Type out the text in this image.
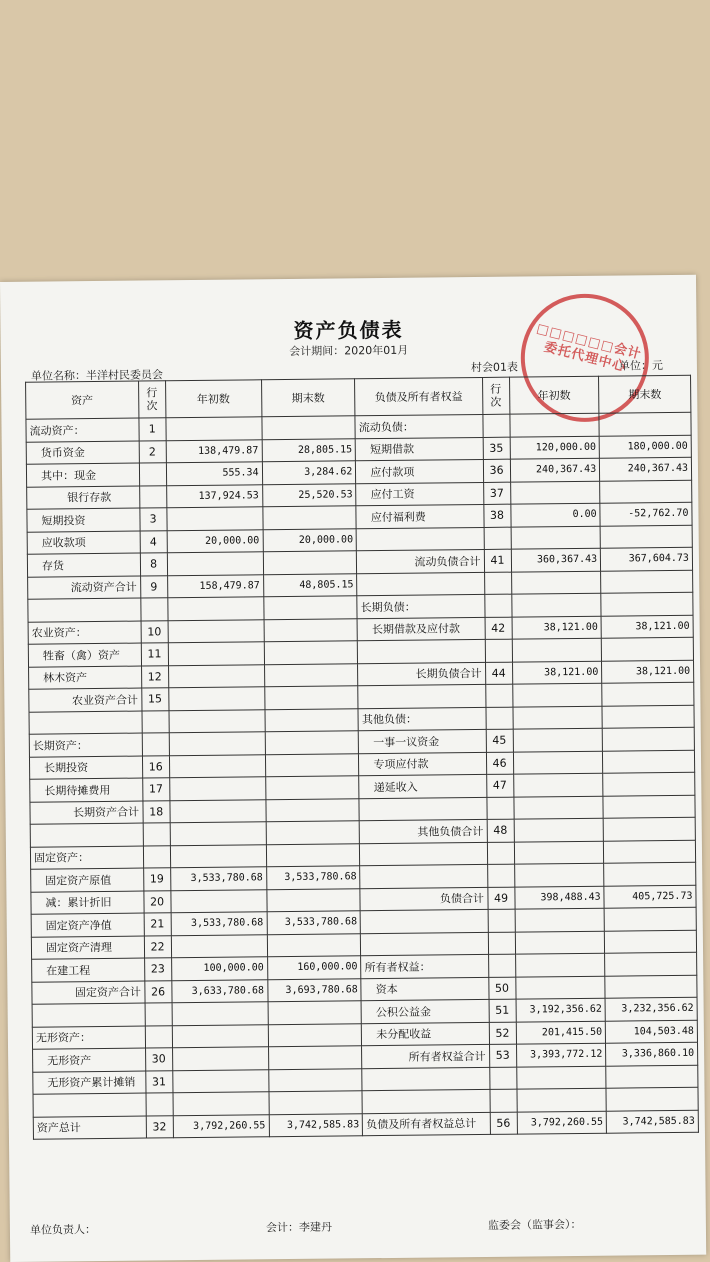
资产负债表
会计期间：2020年01月
单位名称：半洋村民委员会
村会01表	单位：元
□□□□□□会计委托代理中心
资产	行次	年初数	期末数	负债及所有者权益	行次	年初数	期末数
流动资产：	1			流动负债：			
货币资金	2	138,479.87	28,805.15	短期借款	35	120,000.00	180,000.00
其中：现金		555.34	3,284.62	应付款项	36	240,367.43	240,367.43
银行存款		137,924.53	25,520.53	应付工资	37		
短期投资	3			应付福利费	38	0.00	-52,762.70
应收款项	4	20,000.00	20,000.00				
存货	8			流动负债合计	41	360,367.43	367,604.73
流动资产合计	9	158,479.87	48,805.15				
				长期负债：			
农业资产：	10			长期借款及应付款	42	38,121.00	38,121.00
牲畜（禽）资产	11						
林木资产	12			长期负债合计	44	38,121.00	38,121.00
农业资产合计	15						
				其他负债：			
长期资产：				一事一议资金	45		
长期投资	16			专项应付款	46		
长期待摊费用	17			递延收入	47		
长期资产合计	18						
				其他负债合计	48		
固定资产：							
固定资产原值	19	3,533,780.68	3,533,780.68				
减：累计折旧	20			负债合计	49	398,488.43	405,725.73
固定资产净值	21	3,533,780.68	3,533,780.68				
固定资产清理	22						
在建工程	23	100,000.00	160,000.00	所有者权益：			
固定资产合计	26	3,633,780.68	3,693,780.68	资本	50		
				公积公益金	51	3,192,356.62	3,232,356.62
无形资产：				未分配收益	52	201,415.50	104,503.48
无形资产	30			所有者权益合计	53	3,393,772.12	3,336,860.10
无形资产累计摊销	31						

资产总计	32	3,792,260.55	3,742,585.83	负债及所有者权益总计	56	3,792,260.55	3,742,585.83
单位负责人：	会计：李建丹	监委会（监事会）：
